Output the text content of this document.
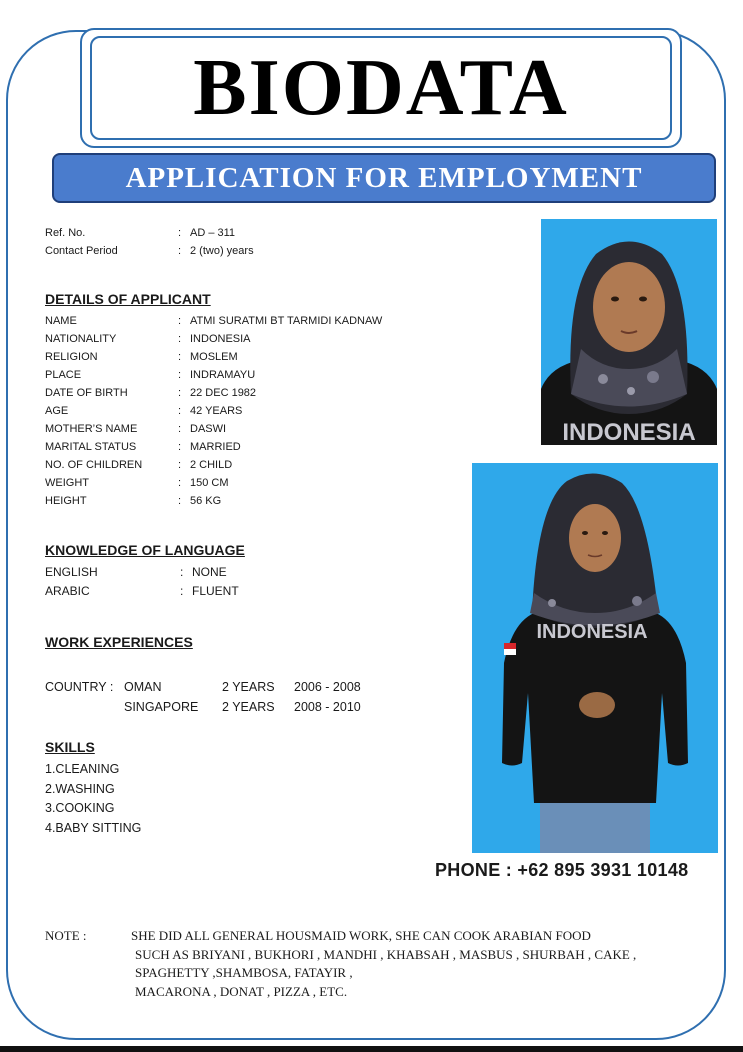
BIODATA
APPLICATION FOR EMPLOYMENT
Ref. No.	: AD – 311
Contact Period	: 2 (two) years
DETAILS OF APPLICANT
NAME	: ATMI SURATMI BT TARMIDI KADNAW
NATIONALITY	: INDONESIA
RELIGION	: MOSLEM
PLACE	: INDRAMAYU
DATE OF BIRTH	: 22 DEC 1982
AGE	: 42 YEARS
MOTHER’S NAME	: DASWI
MARITAL STATUS	: MARRIED
NO. OF CHILDREN	: 2 CHILD
WEIGHT	: 150 CM
HEIGHT	: 56 KG
KNOWLEDGE OF LANGUAGE
ENGLISH	: NONE
ARABIC	: FLUENT
WORK EXPERIENCES
COUNTRY : OMAN	2 YEARS 2006 - 2008
SINGAPORE 2 YEARS 2008 - 2010
SKILLS
1.CLEANING
2.WASHING
3.COOKING
4.BABY SITTING
PHONE : +62 895 3931 10148
NOTE :	SHE DID ALL GENERAL HOUSMAID WORK, SHE CAN COOK ARABIAN FOOD
SUCH AS BRIYANI , BUKHORI , MANDHI , KHABSAH , MASBUS , SHURBAH , CAKE ,
SPAGHETTY ,SHAMBOSA, FATAYIR ,
MACARONA , DONAT , PIZZA , ETC.
INDONESIA
INDONESIA
